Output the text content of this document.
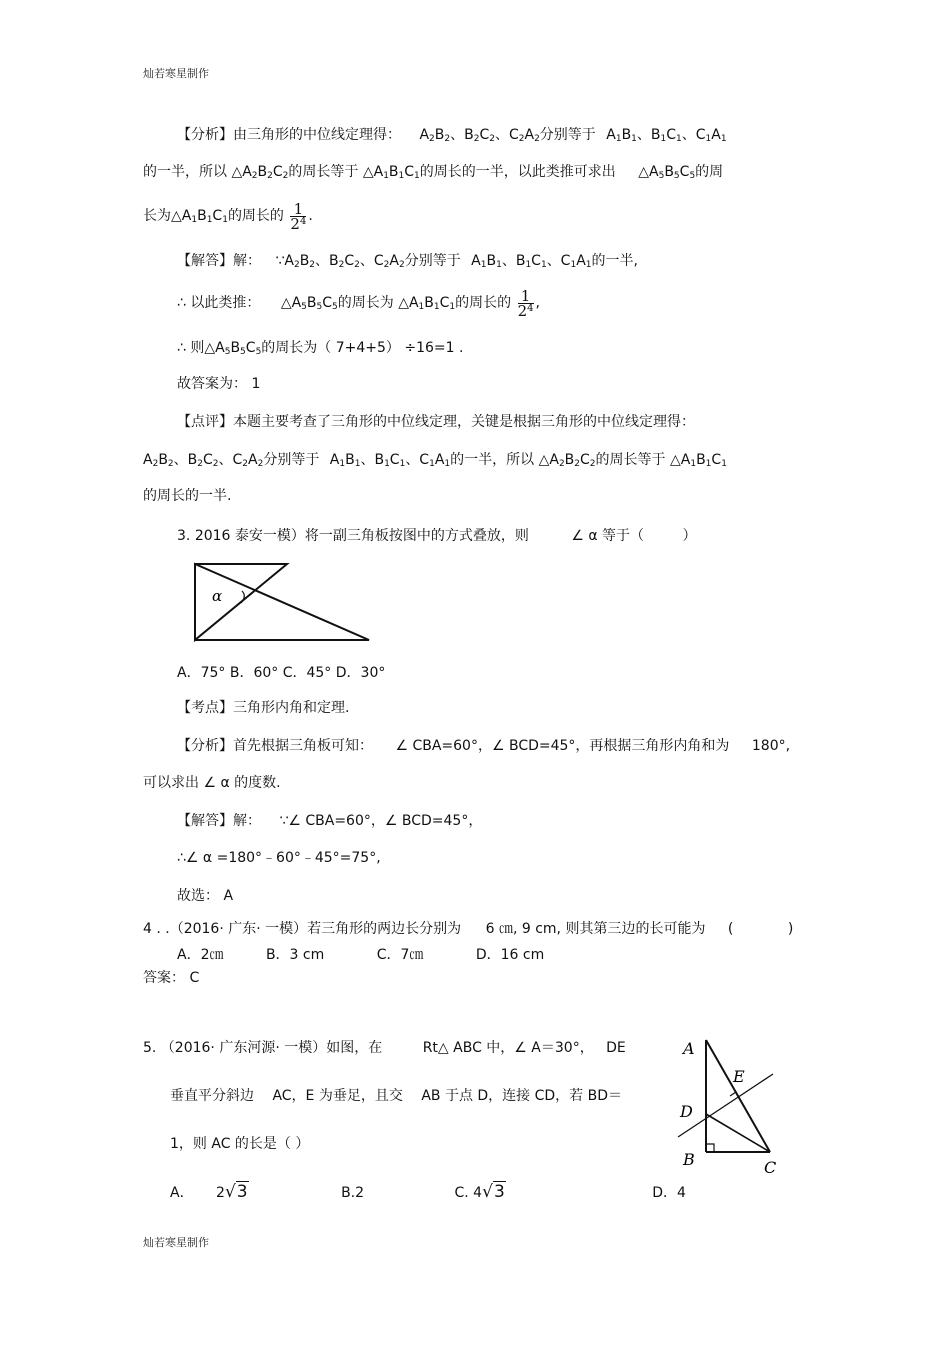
灿若寒星制作
【分析】由三角形的中位线定理得： $A_2B_2$、$B_2C_2$、$C_2A_2$分别等于 $A_1B_1$、$B_1C_1$、$C_1A_1$
的一半，所以 $\triangle A_2B_2C_2$的周长等于 $\triangle A_1B_1C_1$的周长的一半，以此类推可求出 $\triangle A_5B_5C_5$的周
长为$\triangle A_1B_1C_1$的周长的 $\frac{1}{2^4}$ .
【解答】解： $\because A_2B_2$、$B_2C_2$、$C_2A_2$分别等于 $A_1B_1$、$B_1C_1$、$C_1A_1$的一半,
∴ 以此类推： $\triangle A_5B_5C_5$的周长为 $\triangle A_1B_1C_1$的周长的 $\frac{1}{2^4}$ ,
∴ 则$\triangle A_5B_5C_5$的周长为（ 7+4+5） ÷16=1 .
故答案为： 1
【点评】本题主要考查了三角形的中位线定理，关键是根据三角形的中位线定理得：
$A_2B_2$、$B_2C_2$、$C_2A_2$分别等于 $A_1B_1$、$B_1C_1$、$C_1A_1$的一半，所以 $\triangle A_2B_2C_2$的周长等于 $\triangle A_1B_1C_1$
的周长的一半.
3. 2016 泰安一模）将一副三角板按图中的方式叠放，则	∠ α 等于（	）
α
A．75° B．60° C．45° D．30°
【考点】三角形内角和定理.
【分析】首先根据三角板可知： ∠ CBA=60°，∠ BCD=45°，再根据三角形内角和为 180°,
可以求出 ∠ α 的度数.
【解答】解： ∵∠ CBA=60°，∠ BCD=45°，
∴∠ α =180°﹣60°﹣45°=75°,
故选： A
4 . .（2016· 广东· 一模）若三角形的两边长分别为 6 ㎝, 9 cm, 则其第三边的长可能为 (	)
A．2㎝	B．3 cm	C．7㎝	D．16 cm
答案： C
5. （2016· 广东河源· 一模）如图，在	Rt△ ABC 中，∠ A＝30°， DE
垂直平分斜边 AC，E 为垂足，且交 AB 于点 D，连接 CD，若 BD＝
1，则 AC 的长是（ ）
A． 2√3	B.2	C. 4√3	D．4
A
E
D
B	C
灿若寒星制作
